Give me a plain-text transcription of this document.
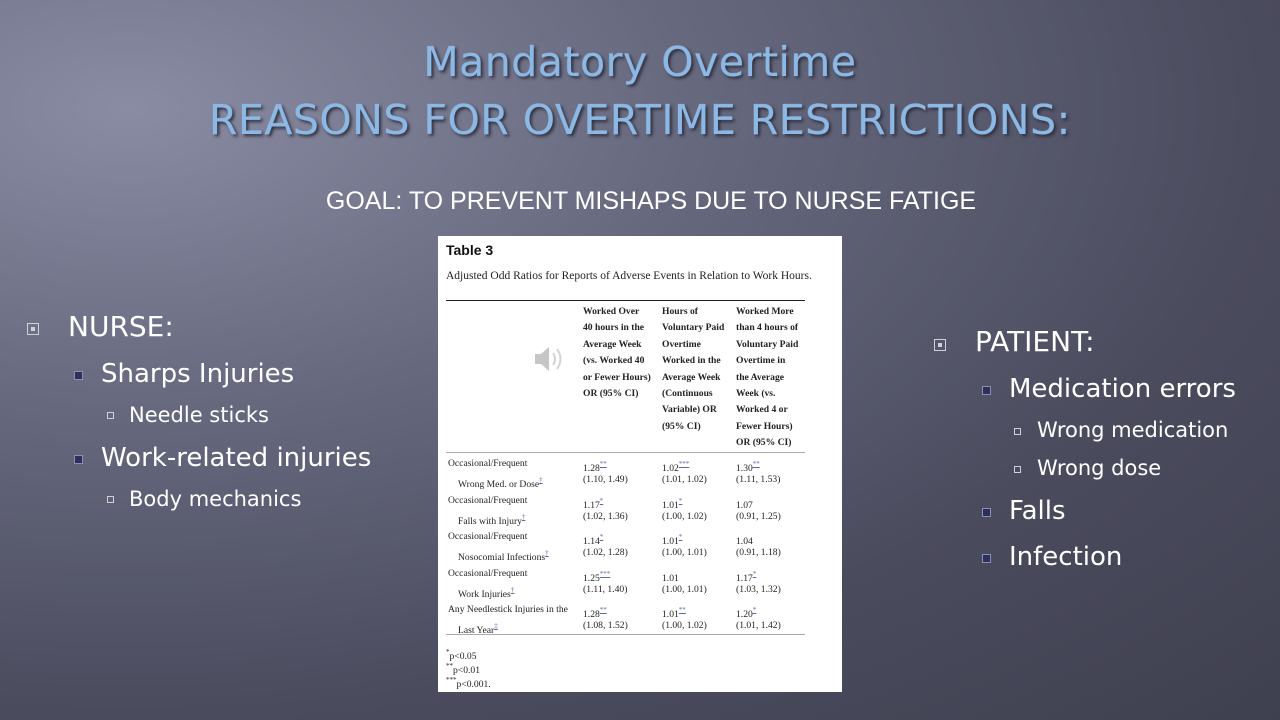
Mandatory Overtime
REASONS FOR OVERTIME RESTRICTIONS:
GOAL: TO PREVENT MISHAPS DUE TO NURSE FATIGE
NURSE:
Sharps Injuries
Needle sticks
Work-related injuries
Body mechanics
PATIENT:
Medication errors
Wrong medication
Wrong dose
Falls
Infection
Table 3
Adjusted Odd Ratios for Reports of Adverse Events in Relation to Work Hours.
Worked Over
40 hours in the
Average Week
(vs. Worked 40
or Fewer Hours)
OR (95% CI)
Hours of
Voluntary Paid
Overtime
Worked in the
Average Week
(Continuous
Variable) OR
(95% CI)
Worked More
than 4 hours of
Voluntary Paid
Overtime in
the Average
Week (vs.
Worked 4 or
Fewer Hours)
OR (95% CI)
Occasional/Frequent
Wrong Med. or Dose†
1.28**
(1.10, 1.49)
1.02***
(1.01, 1.02)
1.30**
(1.11, 1.53)
Occasional/Frequent
Falls with Injury†
1.17*
(1.02, 1.36)
1.01*
(1.00, 1.02)
1.07
(0.91, 1.25)
Occasional/Frequent
Nosocomial Infections†
1.14*
(1.02, 1.28)
1.01*
(1.00, 1.01)
1.04
(0.91, 1.18)
Occasional/Frequent
Work Injuries†
1.25***
(1.11, 1.40)
1.01
(1.00, 1.01)
1.17*
(1.03, 1.32)
Any Needlestick Injuries in the
Last Year‡
1.28**
(1.08, 1.52)
1.01**
(1.00, 1.02)
1.20*
(1.01, 1.42)
*p<0.05
**p<0.01
***p<0.001.
